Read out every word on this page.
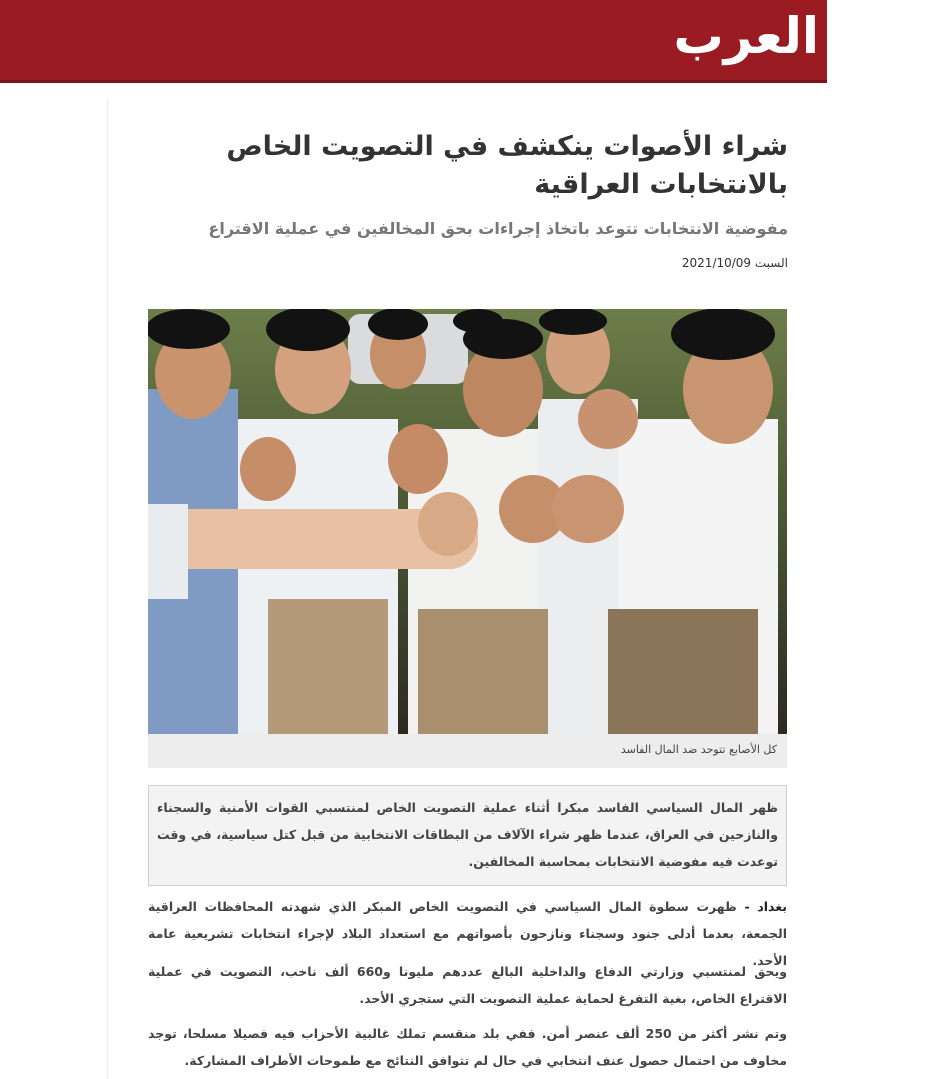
العرب
شراء الأصوات ينكشف في التصويت الخاص بالانتخابات العراقية
مفوضية الانتخابات تتوعد باتخاذ إجراءات بحق المخالفين في عملية الاقتراع
السبت 2021/10/09
كل الأصابع تتوحد ضد المال الفاسد
ظهر المال السياسي الفاسد مبكرا أثناء عملية التصويت الخاص لمنتسبي القوات الأمنية والسجناء والنازحين في العراق، عندما ظهر شراء الآلاف من البطاقات الانتخابية من قبل كتل سياسية، في وقت توعدت فيه مفوضية الانتخابات بمحاسبة المخالفين.

بغداد - ظهرت سطوة المال السياسي في التصويت الخاص المبكر الذي شهدته المحافظات العراقية الجمعة، بعدما أدلى جنود وسجناء ونازحون بأصواتهم مع استعداد البلاد لإجراء انتخابات تشريعية عامة الأحد.

ويحق لمنتسبي وزارتي الدفاع والداخلية البالغ عددهم مليونا و660 ألف ناخب، التصويت في عملية الاقتراع الخاص، بغية التفرغ لحماية عملية التصويت التي ستجري الأحد.

وتم نشر أكثر من 250 ألف عنصر أمن. ففي بلد منقسم تملك غالبية الأحزاب فيه فصيلا مسلحا، توجد مخاوف من احتمال حصول عنف انتخابي في حال لم تتوافق النتائج مع طموحات الأطراف المشاركة.
